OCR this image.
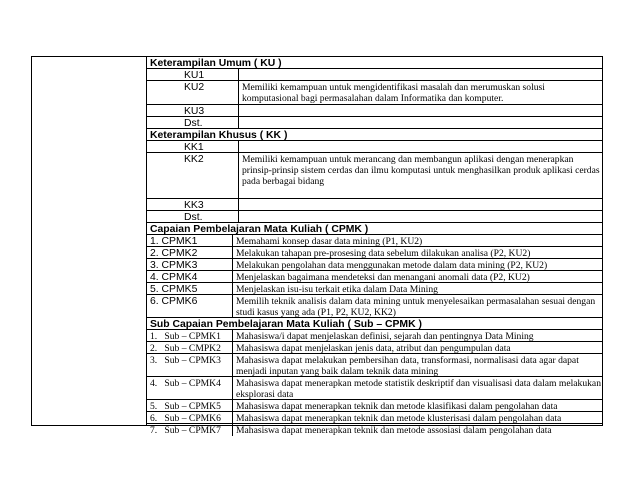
Keterampilan Umum ( KU )
KU1
KU2	Memiliki kemampuan untuk mengidentifikasi masalah dan merumuskan solusi komputasional bagi permasalahan dalam Informatika dan komputer.
KU3
Dst.
Keterampilan Khusus ( KK )
KK1
KK2	Memiliki kemampuan untuk merancang dan membangun aplikasi dengan menerapkan prinsip-prinsip sistem cerdas dan ilmu komputasi untuk menghasilkan produk aplikasi cerdas pada berbagai bidang
KK3
Dst.
Capaian Pembelajaran Mata Kuliah ( CPMK )
1. CPMK1	Memahami konsep dasar data mining (P1, KU2)
2. CPMK2	Melakukan tahapan pre-prosesing data sebelum dilakukan analisa (P2, KU2)
3. CPMK3	Melakukan pengolahan data menggunakan metode dalam data mining (P2, KU2)
4. CPMK4	Menjelaskan bagaimana mendeteksi dan menangani anomali data (P2, KU2)
5. CPMK5	Menjelaskan isu-isu terkait etika dalam Data Mining
6. CPMK6	Memilih teknik analisis dalam data mining untuk menyelesaikan permasalahan sesuai dengan studi kasus yang ada (P1, P2, KU2, KK2)
Sub Capaian Pembelajaran Mata Kuliah ( Sub – CPMK )
1.   Sub – CPMK1	Mahasiswa/i dapat menjelaskan definisi, sejarah dan pentingnya Data Mining
2.   Sub – CMPK2	Mahasiswa dapat menjelaskan jenis data, atribut dan pengumpulan data
3.   Sub – CPMK3	Mahasiswa dapat melakukan pembersihan data, transformasi, normalisasi data agar dapat menjadi inputan yang baik dalam teknik data mining
4.   Sub – CPMK4	Mahasiswa dapat menerapkan metode statistik deskriptif dan visualisasi data dalam melakukan eksplorasi data
5.   Sub – CPMK5	Mahasiswa dapat menerapkan teknik dan metode klasifikasi dalam pengolahan data
6.   Sub – CPMK6	Mahasiswa dapat menerapkan teknik dan metode klusterisasi dalam pengolahan data
7.   Sub – CPMK7	Mahasiswa dapat menerapkan teknik dan metode assosiasi dalam pengolahan data
